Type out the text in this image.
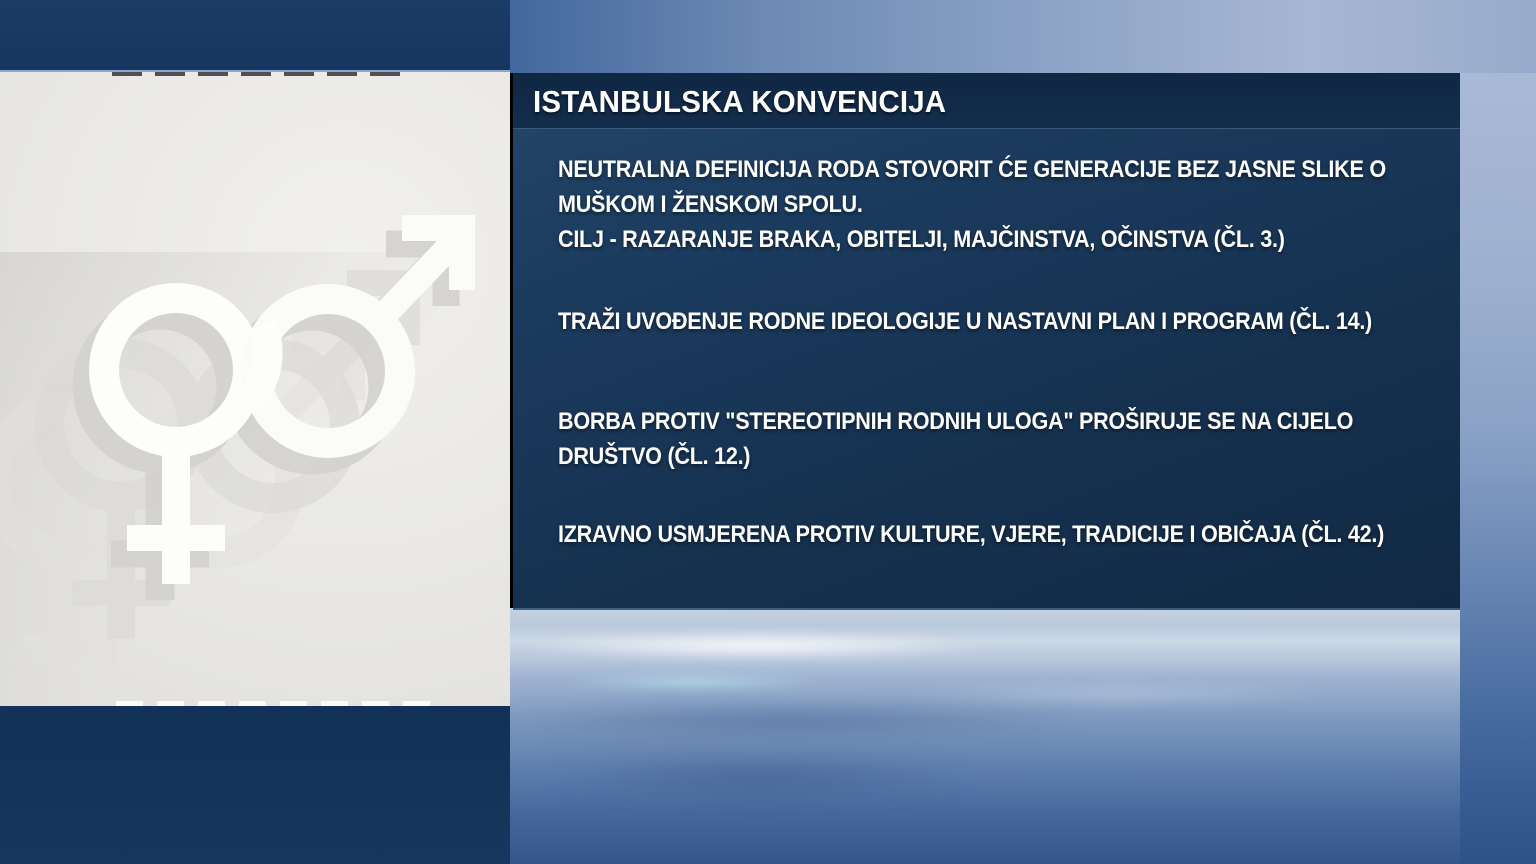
ISTANBULSKA KONVENCIJA
NEUTRALNA DEFINICIJA RODA STOVORIT ĆE GENERACIJE BEZ JASNE SLIKE O
MUŠKOM I ŽENSKOM SPOLU.
CILJ - RAZARANJE BRAKA, OBITELJI, MAJČINSTVA, OČINSTVA (ČL. 3.)
TRAŽI UVOĐENJE RODNE IDEOLOGIJE U NASTAVNI PLAN I PROGRAM (ČL. 14.)
BORBA PROTIV "STEREOTIPNIH RODNIH ULOGA" PROŠIRUJE SE NA CIJELO
DRUŠTVO (ČL. 12.)
IZRAVNO USMJERENA PROTIV KULTURE, VJERE, TRADICIJE I OBIČAJA (ČL. 42.)
